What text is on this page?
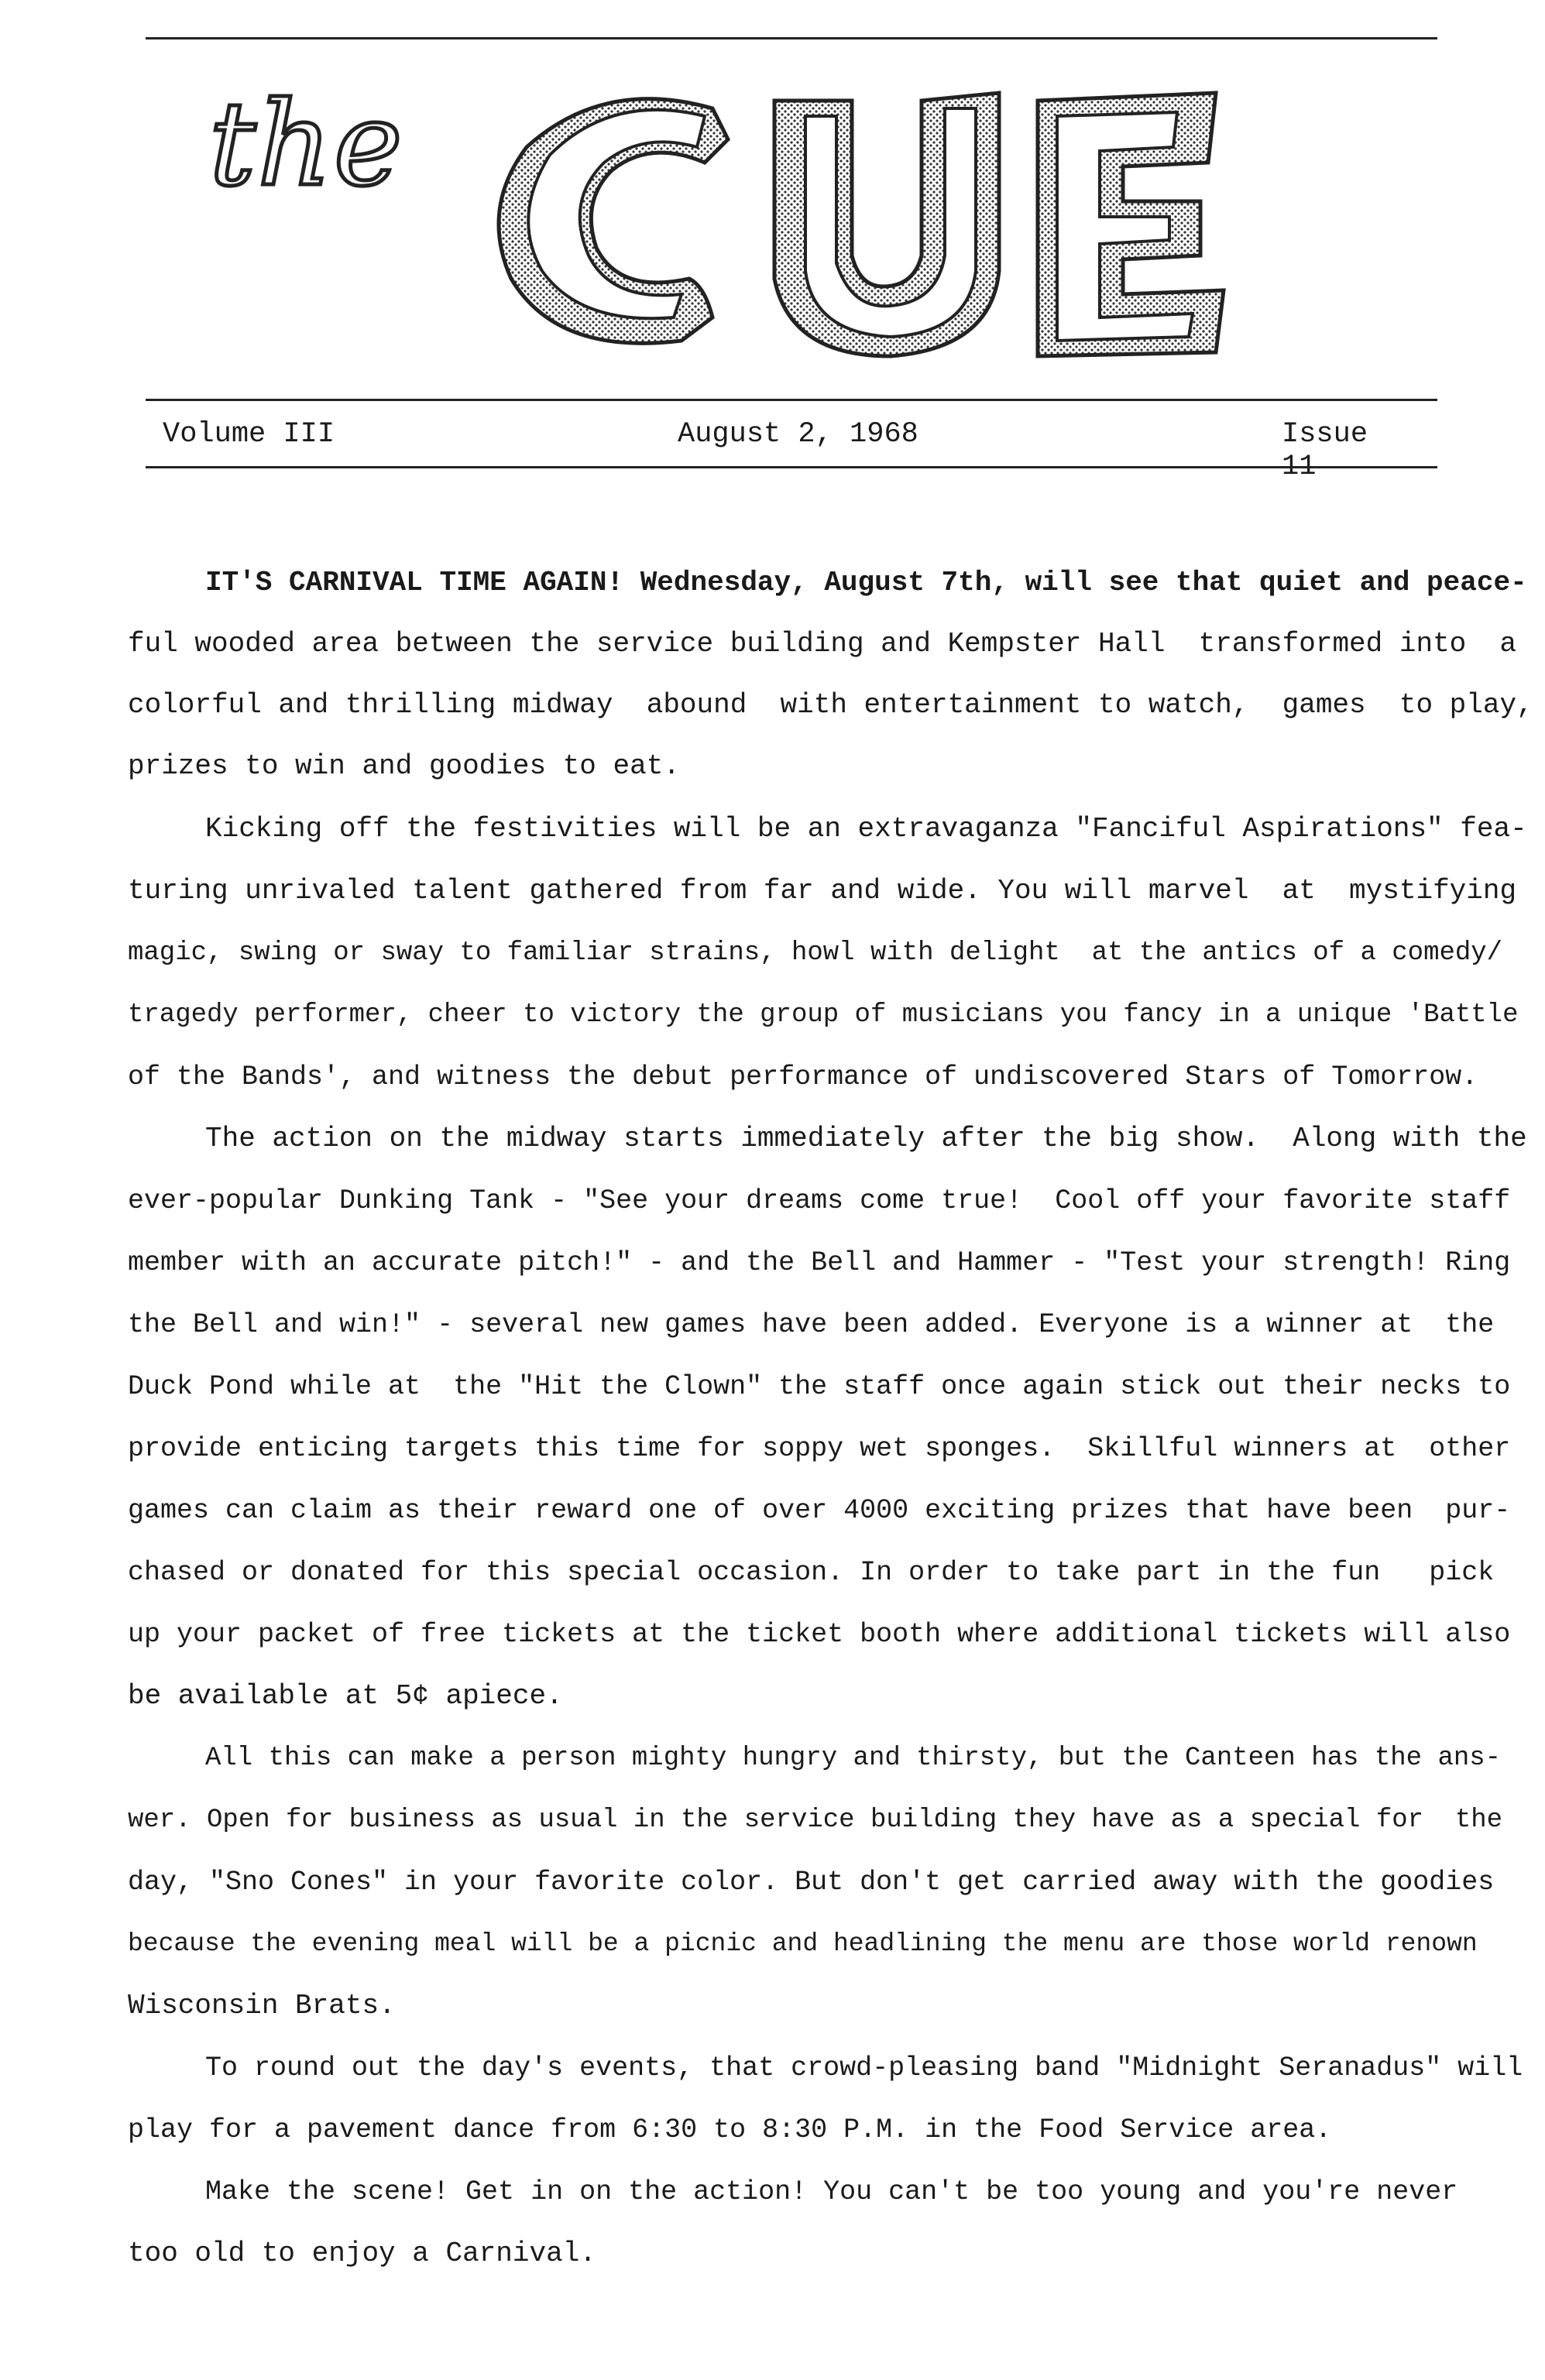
the
Volume III	August 2, 1968	Issue 11
IT'S CARNIVAL TIME AGAIN! Wednesday, August 7th, will see that quiet and peace-
ful wooded area between the service building and Kempster Hall  transformed into  a
colorful and thrilling midway  abound  with entertainment to watch,  games  to play,
prizes to win and goodies to eat.
Kicking off the festivities will be an extravaganza "Fanciful Aspirations" fea-
turing unrivaled talent gathered from far and wide. You will marvel  at  mystifying
magic, swing or sway to familiar strains, howl with delight  at the antics of a comedy/
tragedy performer, cheer to victory the group of musicians you fancy in a unique 'Battle
of the Bands', and witness the debut performance of undiscovered Stars of Tomorrow.
The action on the midway starts immediately after the big show.  Along with the
ever-popular Dunking Tank - "See your dreams come true!  Cool off your favorite staff
member with an accurate pitch!" - and the Bell and Hammer - "Test your strength! Ring
the Bell and win!" - several new games have been added. Everyone is a winner at  the
Duck Pond while at  the "Hit the Clown" the staff once again stick out their necks to
provide enticing targets this time for soppy wet sponges.  Skillful winners at  other
games can claim as their reward one of over 4000 exciting prizes that have been  pur-
chased or donated for this special occasion. In order to take part in the fun   pick
up your packet of free tickets at the ticket booth where additional tickets will also
be available at 5¢ apiece.
All this can make a person mighty hungry and thirsty, but the Canteen has the ans-
wer. Open for business as usual in the service building they have as a special for  the
day, "Sno Cones" in your favorite color. But don't get carried away with the goodies
because the evening meal will be a picnic and headlining the menu are those world renown
Wisconsin Brats.
To round out the day's events, that crowd-pleasing band "Midnight Seranadus" will
play for a pavement dance from 6:30 to 8:30 P.M. in the Food Service area.
Make the scene! Get in on the action! You can't be too young and you're never
too old to enjoy a Carnival.
